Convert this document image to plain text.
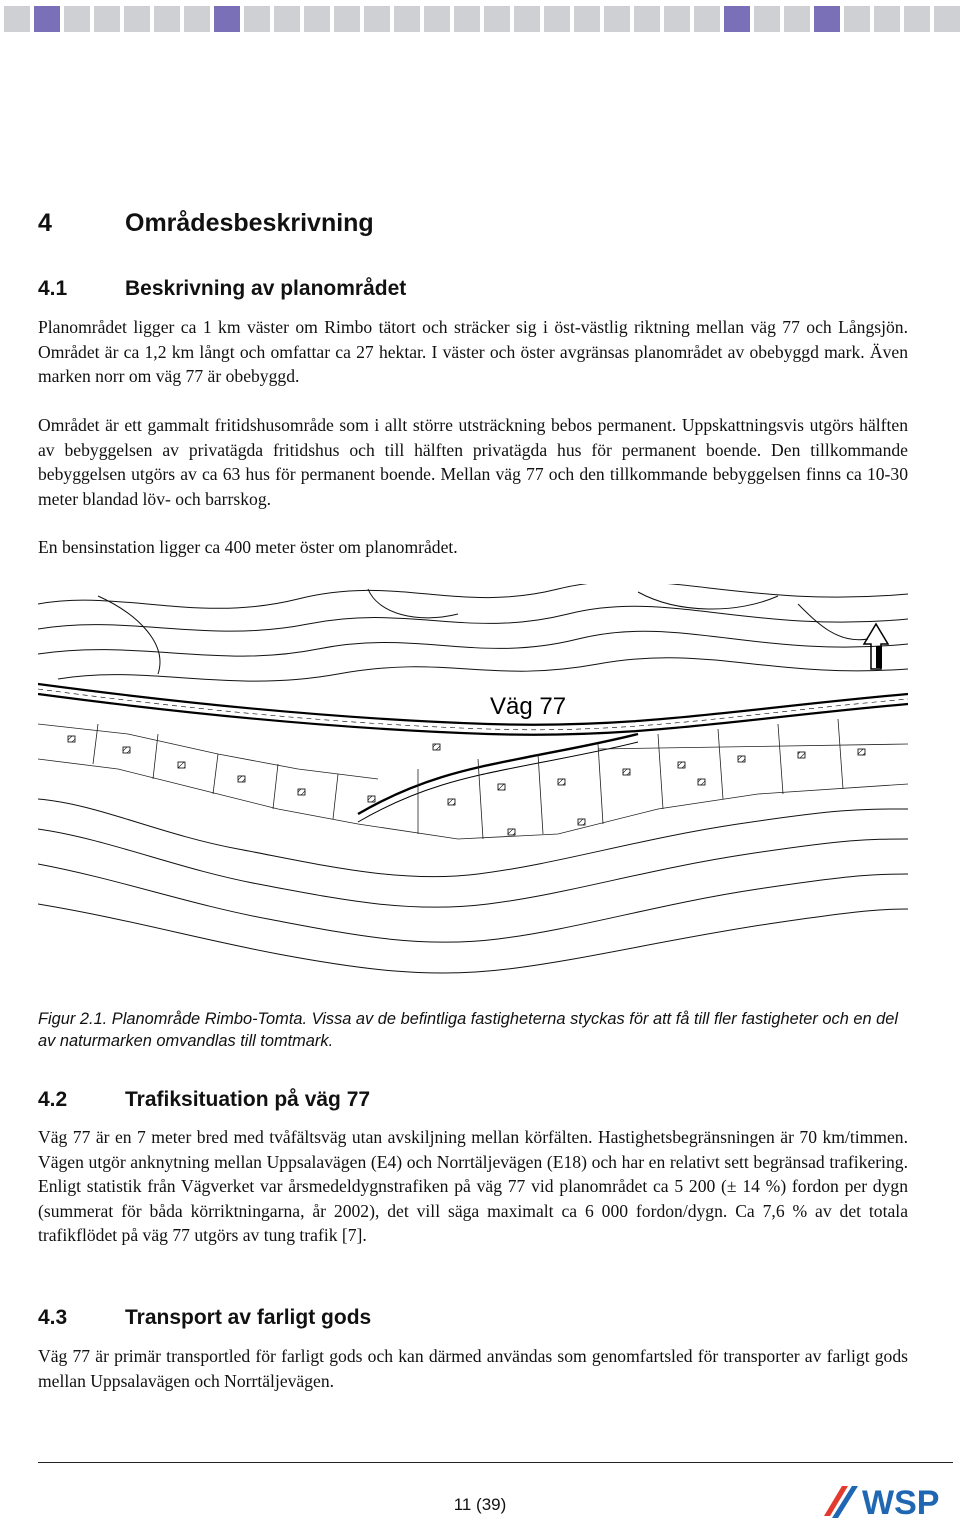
4	Områdesbeskrivning
4.1	Beskrivning av planområdet
Planområdet ligger ca 1 km väster om Rimbo tätort och sträcker sig i öst-västlig riktning mellan väg 77 och Långsjön. Området är ca 1,2 km långt och omfattar ca 27 hektar. I väster och öster avgränsas planområdet av obebyggd mark. Även marken norr om väg 77 är obebyggd.
Området är ett gammalt fritidshusområde som i allt större utsträckning bebos permanent. Uppskattningsvis utgörs hälften av bebyggelsen av privatägda fritidshus och till hälften privatägda hus för permanent boende. Den tillkommande bebyggelsen utgörs av ca 63 hus för permanent boende. Mellan väg 77 och den tillkommande bebyggelsen finns ca 10-30 meter blandad löv- och barrskog.
En bensinstation ligger ca 400 meter öster om planområdet.
Väg 77
Figur 2.1. Planområde Rimbo-Tomta. Vissa av de befintliga fastigheterna styckas för att få till fler fastigheter och en del av naturmarken omvandlas till tomtmark.
4.2	Trafiksituation på väg 77
Väg 77 är en 7 meter bred med tvåfältsväg utan avskiljning mellan körfälten. Hastighetsbegränsningen är 70 km/timmen. Vägen utgör anknytning mellan Uppsalavägen (E4) och Norrtäljevägen (E18) och har en relativt sett begränsad trafikering. Enligt statistik från Vägverket var årsmedeldygnstrafiken på väg 77 vid planområdet ca 5 200 (± 14 %) fordon per dygn (summerat för båda körriktningarna, år 2002), det vill säga maximalt ca 6 000 fordon/dygn. Ca 7,6 % av det totala trafikflödet på väg 77 utgörs av tung trafik [7].
4.3	Transport av farligt gods
Väg 77 är primär transportled för farligt gods och kan därmed användas som genomfartsled för transporter av farligt gods mellan Uppsalavägen och Norrtäljevägen.
11 (39)	WSP
